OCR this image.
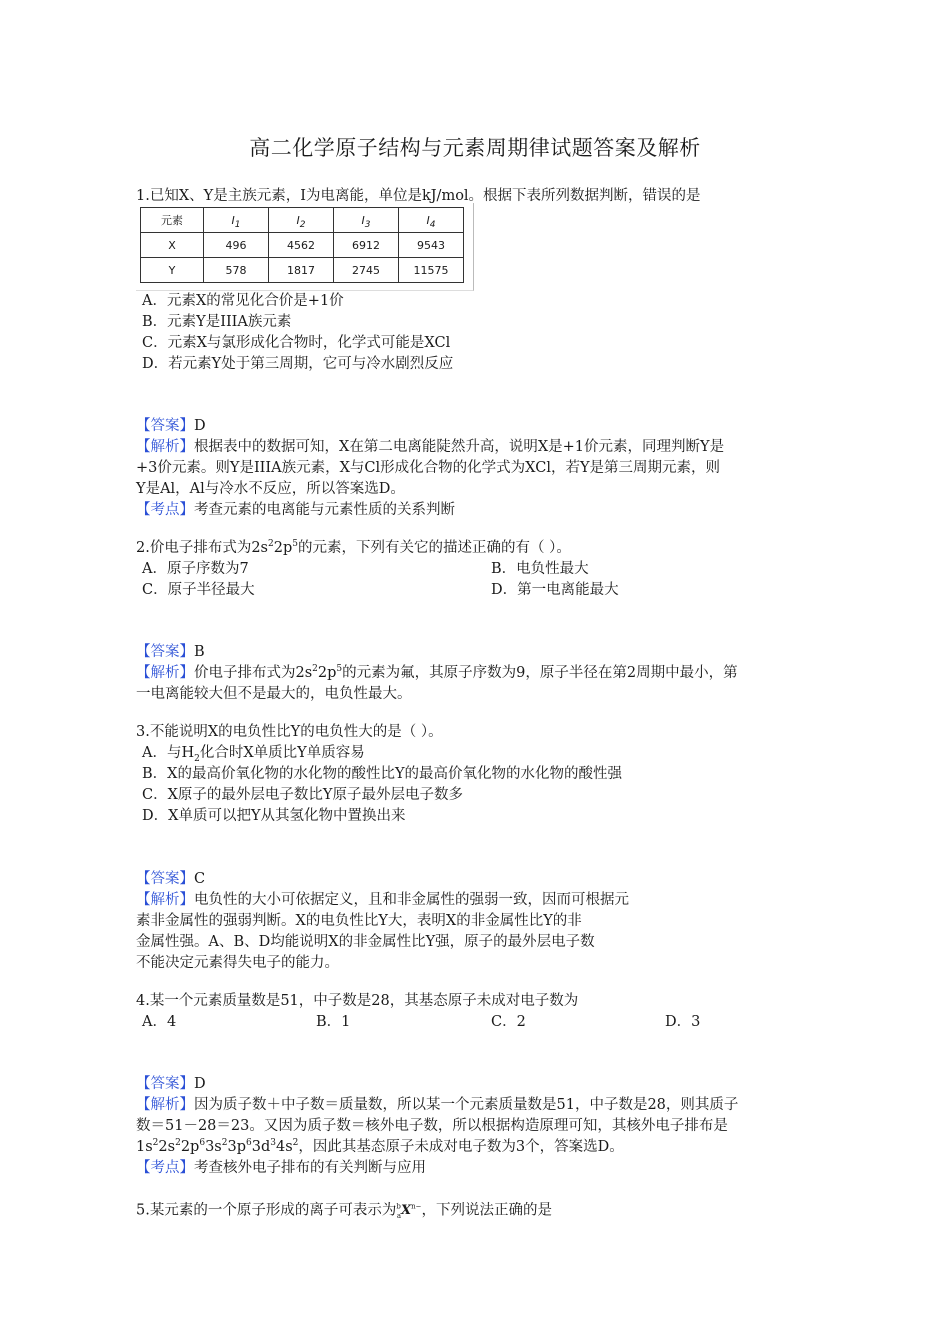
高二化学原子结构与元素周期律试题答案及解析
1.已知X、Y是主族元素，I为电离能，单位是kJ/mol。根据下表所列数据判断，错误的是
元素	$I_1$	$I_2$	$I_3$	$I_4$
X	496	4562	6912	9543
Y	578	1817	2745	11575
A．元素X的常见化合价是+1价
B．元素Y是IIIA族元素
C．元素X与氯形成化合物时，化学式可能是XCl
D．若元素Y处于第三周期，它可与冷水剧烈反应
【答案】D
【解析】根据表中的数据可知，X在第二电离能陡然升高，说明X是+1价元素，同理判断Y是
+3价元素。则Y是IIIA族元素，X与Cl形成化合物的化学式为XCl，若Y是第三周期元素，则
Y是Al，Al与冷水不反应，所以答案选D。
【考点】考查元素的电离能与元素性质的关系判断
2.价电子排布式为$2s^22p^5$的元素，下列有关它的描述正确的有（ ）。
A．原子序数为7	B．电负性最大
C．原子半径最大	D．第一电离能最大
【答案】B
【解析】价电子排布式为$2s^22p^5$的元素为氟，其原子序数为9，原子半径在第2周期中最小，第
一电离能较大但不是最大的，电负性最大。
3.不能说明X的电负性比Y的电负性大的是（ ）。
A．与$H_2$化合时X单质比Y单质容易
B．X的最高价氧化物的水化物的酸性比Y的最高价氧化物的水化物的酸性强
C．X原子的最外层电子数比Y原子最外层电子数多
D．X单质可以把Y从其氢化物中置换出来
【答案】C
【解析】电负性的大小可依据定义，且和非金属性的强弱一致，因而可根据元
素非金属性的强弱判断。X的电负性比Y大，表明X的非金属性比Y的非
金属性强。A、B、D均能说明X的非金属性比Y强，原子的最外层电子数
不能决定元素得失电子的能力。
4.某一个元素质量数是51，中子数是28，其基态原子未成对电子数为
A．4	B．1	C．2	D．3
【答案】D
【解析】因为质子数＋中子数＝质量数，所以某一个元素质量数是51，中子数是28，则其质子
数＝51－28＝23。又因为质子数＝核外电子数，所以根据构造原理可知，其核外电子排布是
$1s^22s^22p^63s^23p^63d^34s^2$，因此其基态原子未成对电子数为3个，答案选D。
【考点】考查核外电子排布的有关判断与应用
5.某元素的一个原子形成的离子可表示为$^b_aX^{n-}$，下列说法正确的是
